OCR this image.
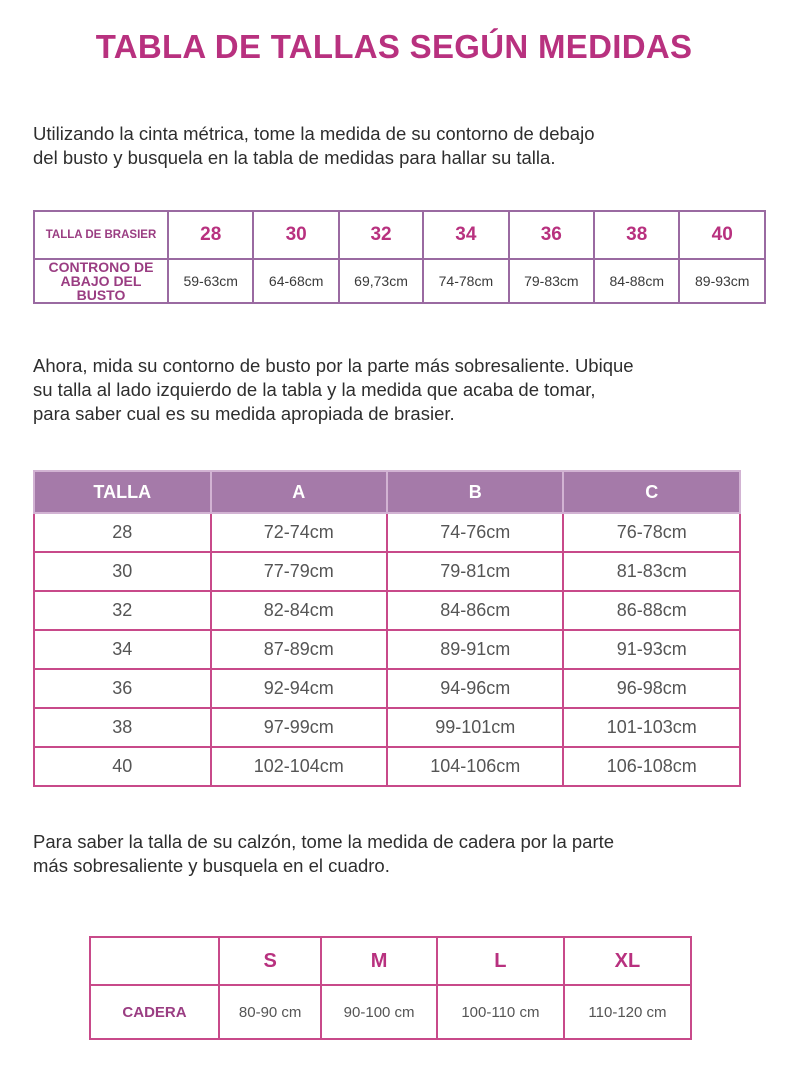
TABLA DE TALLAS SEGÚN MEDIDAS
Utilizando la cinta métrica, tome la medida de su contorno de debajo
del busto y busquela en la tabla de medidas para hallar su talla.
TALLA DE BRASIER	28	30	32	34	36	38	40

CONTRONO DE
ABAJO DEL BUSTO	59-63cm	64-68cm	69,73cm	74-78cm	79-83cm	84-88cm	89-93cm
Ahora, mida su contorno de busto por la parte más sobresaliente. Ubique
su talla al lado izquierdo de la tabla y la medida que acaba de tomar,
para saber cual es su medida apropiada de brasier.
TALLA	A	B	C
28	72-74cm	74-76cm	76-78cm
30	77-79cm	79-81cm	81-83cm
32	82-84cm	84-86cm	86-88cm
34	87-89cm	89-91cm	91-93cm
36	92-94cm	94-96cm	96-98cm
38	97-99cm	99-101cm	101-103cm
40	102-104cm	104-106cm	106-108cm
Para saber la talla de su calzón, tome la medida de cadera por la parte
más sobresaliente y busquela en el cuadro.
	S	M	L	XL
CADERA	80-90 cm	90-100 cm	100-110 cm	110-120 cm
